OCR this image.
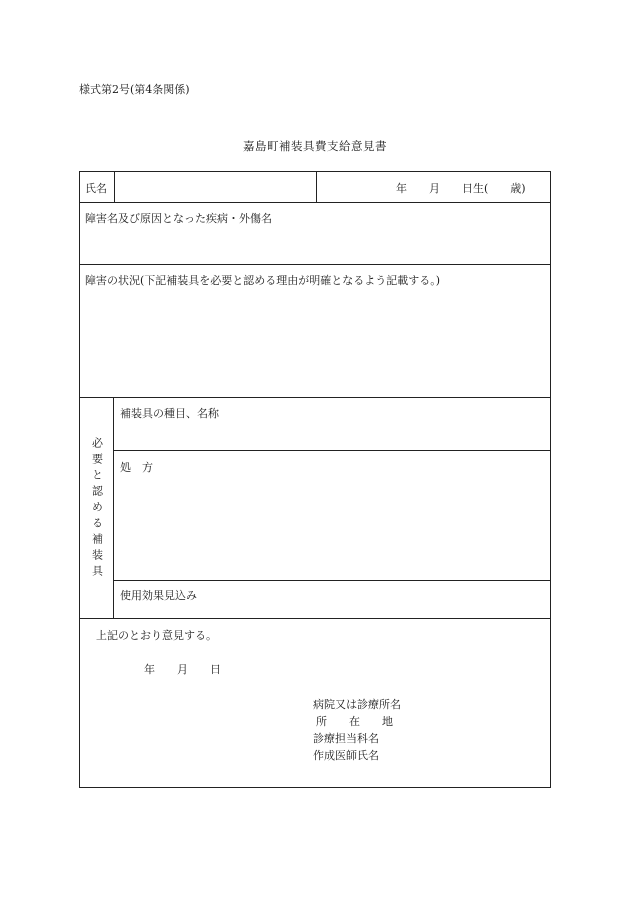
様式第2号(第4条関係)
嘉島町補装具費支給意見書
氏名	年　　月　　日生(　　歳)
障害名及び原因となった疾病・外傷名
障害の状況(下記補装具を必要と認める理由が明確となるよう記載する。)
必要と認める補装具
補装具の種目、名称
処　方
使用効果見込み
上記のとおり意見する。
年　　月　　日
病院又は診療所名
所　　在　　地
診療担当科名
作成医師氏名
